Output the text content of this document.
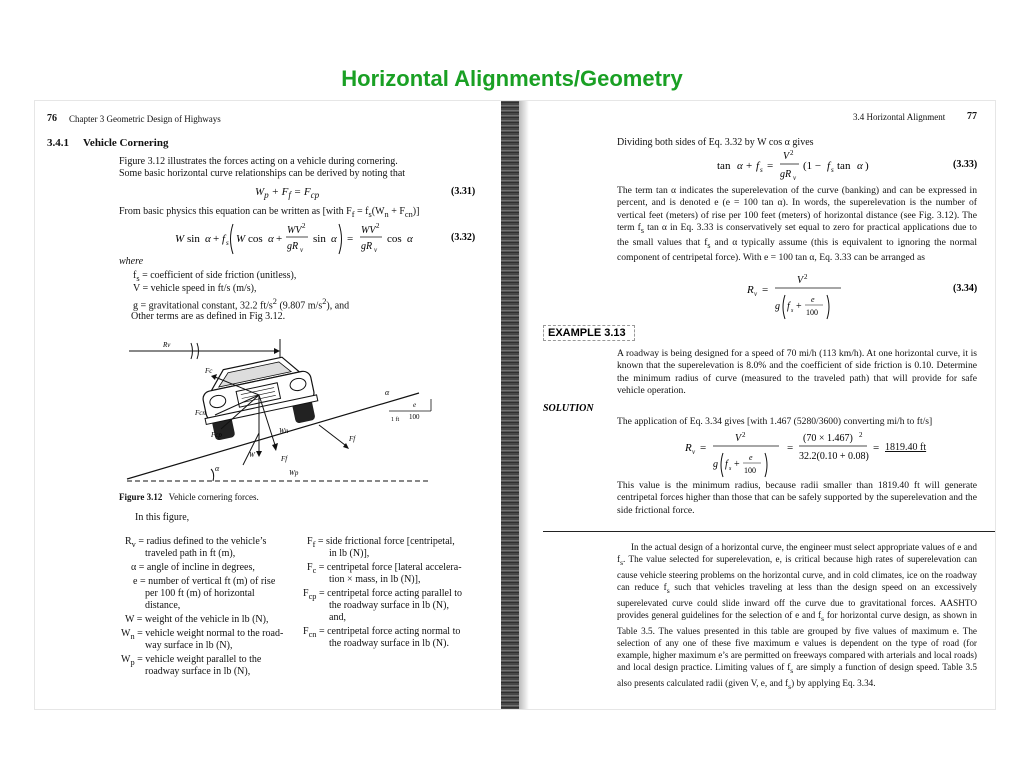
Horizontal Alignments/Geometry
76 Chapter 3 Geometric Design of Highways
3.4.1 Vehicle Cornering
Figure 3.12 illustrates the forces acting on a vehicle during cornering.
Some basic horizontal curve relationships can be derived by noting that
$W_p + F_f = F_{cp}$	(3.31)
From basic physics this equation can be written as [with $F_f = f_s(W_n + F_{cn})$]
W sin α + f s W cos α +
WV 2
gR v
sin α =
WV 2
gR v
cos α	(3.32)
where
$f_s$ = coefficient of side friction (unitless),
V = vehicle speed in ft/s (m/s),
g = gravitational constant, 32.2 $ft/s^2$ (9.807 $m/s^2$), and
Other terms are as defined in Fig 3.12.
Rv
Fc
Fcn
Fcp
Ff
Ff
W
Wn
Wp
α
α
e
100
1 ft
Figure 3.12 Vehicle cornering forces.
In this figure,
$R_v$ = radius defined to the vehicle’s
traveled path in ft (m),
α = angle of incline in degrees,
e = number of vertical ft (m) of rise
per 100 ft (m) of horizontal
distance,
W = weight of the vehicle in lb (N),
$W_n$ = vehicle weight normal to the road-
way surface in lb (N),
$W_p$ = vehicle weight parallel to the
roadway surface in lb (N),
$F_f$ = side frictional force [centripetal,
in lb (N)],
$F_c$ = centripetal force [lateral accelera-
tion × mass, in lb (N)],
$F_{cp}$ = centripetal force acting parallel to
the roadway surface in lb (N),
and,
$F_{cn}$ = centripetal force acting normal to
the roadway surface in lb (N).
3.4 Horizontal Alignment 77
Dividing both sides of Eq. 3.32 by W cos α gives
tan α + f s =
V 2
gR v
(1 − f s tan α )	(3.33)
The term tan α indicates the superelevation of the curve (banking) and can be expressed in percent, and is denoted e (e = 100 tan α). In words, the superelevation is the number of vertical feet (meters) of rise per 100 feet (meters) of horizontal distance (see Fig. 3.12). The term $f_s$ tan α in Eq. 3.33 is conservatively set equal to zero for practical applications due to the small values that $f_s$ and α typically assume (this is equivalent to ignoring the normal component of centripetal force). With e = 100 tan α, Eq. 3.33 can be arranged as
R v =
V 2
g f s +
e
100
(3.34)
EXAMPLE 3.13
A roadway is being designed for a speed of 70 mi/h (113 km/h). At one horizontal curve, it is known that the superelevation is 8.0% and the coefficient of side friction is 0.10. Determine the minimum radius of curve (measured to the traveled path) that will provide for safe vehicle operation.
SOLUTION
The application of Eq. 3.34 gives [with 1.467 (5280/3600) converting mi/h to ft/s]
R v =
V 2
g f s +
e
100
=
(70 × 1.467) 2
32.2(0.10 + 0.08)
= 1819.40 ft
This value is the minimum radius, because radii smaller than 1819.40 ft will generate centripetal forces higher than those that can be safely supported by the superelevation and the side frictional force.
In the actual design of a horizontal curve, the engineer must select appropriate values of e and $f_s$. The value selected for superelevation, e, is critical because high rates of superelevation can cause vehicle steering problems on the horizontal curve, and in cold climates, ice on the roadway can reduce $f_s$ such that vehicles traveling at less than the design speed on an excessively superelevated curve could slide inward off the curve due to gravitational forces. AASHTO provides general guidelines for the selection of e and $f_s$ for horizontal curve design, as shown in Table 3.5. The values presented in this table are grouped by five values of maximum e. The selection of any one of these five maximum e values is dependent on the type of road (for example, higher maximum e’s are permitted on freeways compared with arterials and local roads) and local design practice. Limiting values of $f_s$ are simply a function of design speed. Table 3.5 also presents calculated radii (given V, e, and $f_s$) by applying Eq. 3.34.
